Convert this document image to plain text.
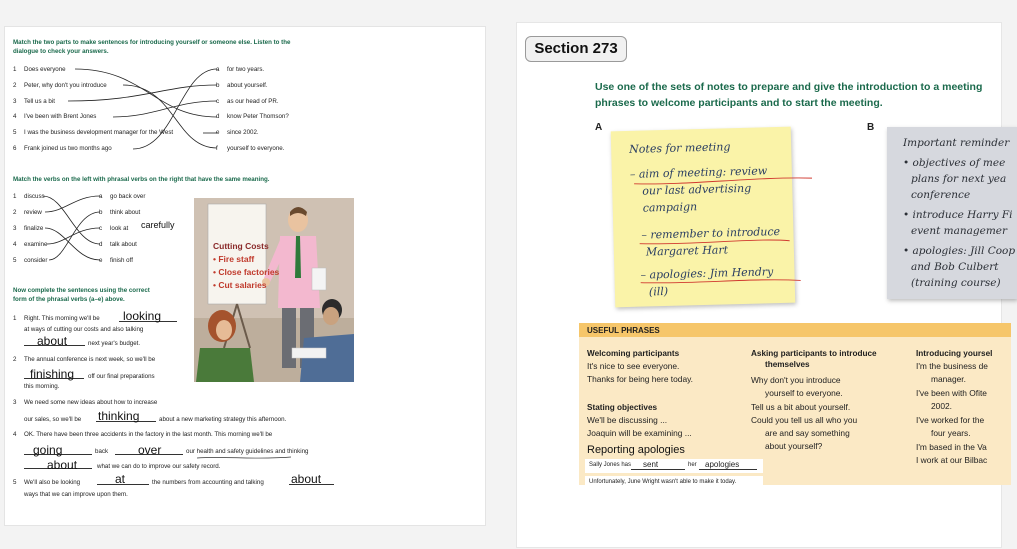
Match the two parts to make sentences for introducing yourself or someone else. Listen to the
dialogue to check your answers.
1 Does everyone
2 Peter, why don't you introduce
3 Tell us a bit
4 I've been with Brent Jones
5 I was the business development manager for the West
6 Frank joined us two months ago
a for two years.
b about yourself.
c as our head of PR.
d know Peter Thomson?
e since 2002.
f yourself to everyone.
Match the verbs on the left with phrasal verbs on the right that have the same meaning.
1 discuss
2 review
3 finalize
4 examine
5 consider
a go back over
b think about
c look at
d talk about
e finish off
carefully
Now complete the sentences using the correct
form of the phrasal verbs (a–e) above.
1 Right. This morning we'll be looking
at ways of cutting our costs and also talking
about	next year's budget.
2 The annual conference is next week, so we'll be
finishing off our final preparations
this morning.
3 We need some new ideas about how to increase
our sales, so we'll be thinking	about a new marketing strategy this afternoon.
4 OK. There have been three accidents in the factory in the last month. This morning we'll be
going	back over	our health and safety guidelines and thinking
about	what we can do to improve our safety record.
5 We'll also be looking	at	the numbers from accounting and talking about
ways that we can improve upon them.
Cutting Costs
• Fire staff
• Close factories
• Cut salaries
Section 273
Use one of the sets of notes to prepare and give the introduction to a meeting
phrases to welcome participants and to start the meeting.
A	B
Notes for meeting
– aim of meeting: review
our last advertising
campaign
– remember to introduce
Margaret Hart
– apologies: Jim Hendry
(ill)
Important reminder
• objectives of mee
plans for next yea
conference
• introduce Harry Fi
event managemer
• apologies: Jill Coop
and Bob Culbert
(training course)
USEFUL PHRASES
Welcoming participants
It's nice to see everyone.
Thanks for being here today.
Stating objectives
We'll be discussing ...
Joaquin will be examining ...
Reporting apologies
Sally Jones has sent	her apologies
Unfortunately, June Wright wasn't able to make it today.
Asking participants to introduce
themselves
Why don't you introduce
yourself to everyone.
Tell us a bit about yourself.
Could you tell us all who you
are and say something
about yourself?
Introducing yoursel
I'm the business de
manager.
I've been with Ofite
2002.
I've worked for the
four years.
I'm based in the Va
I work at our Bilbac
